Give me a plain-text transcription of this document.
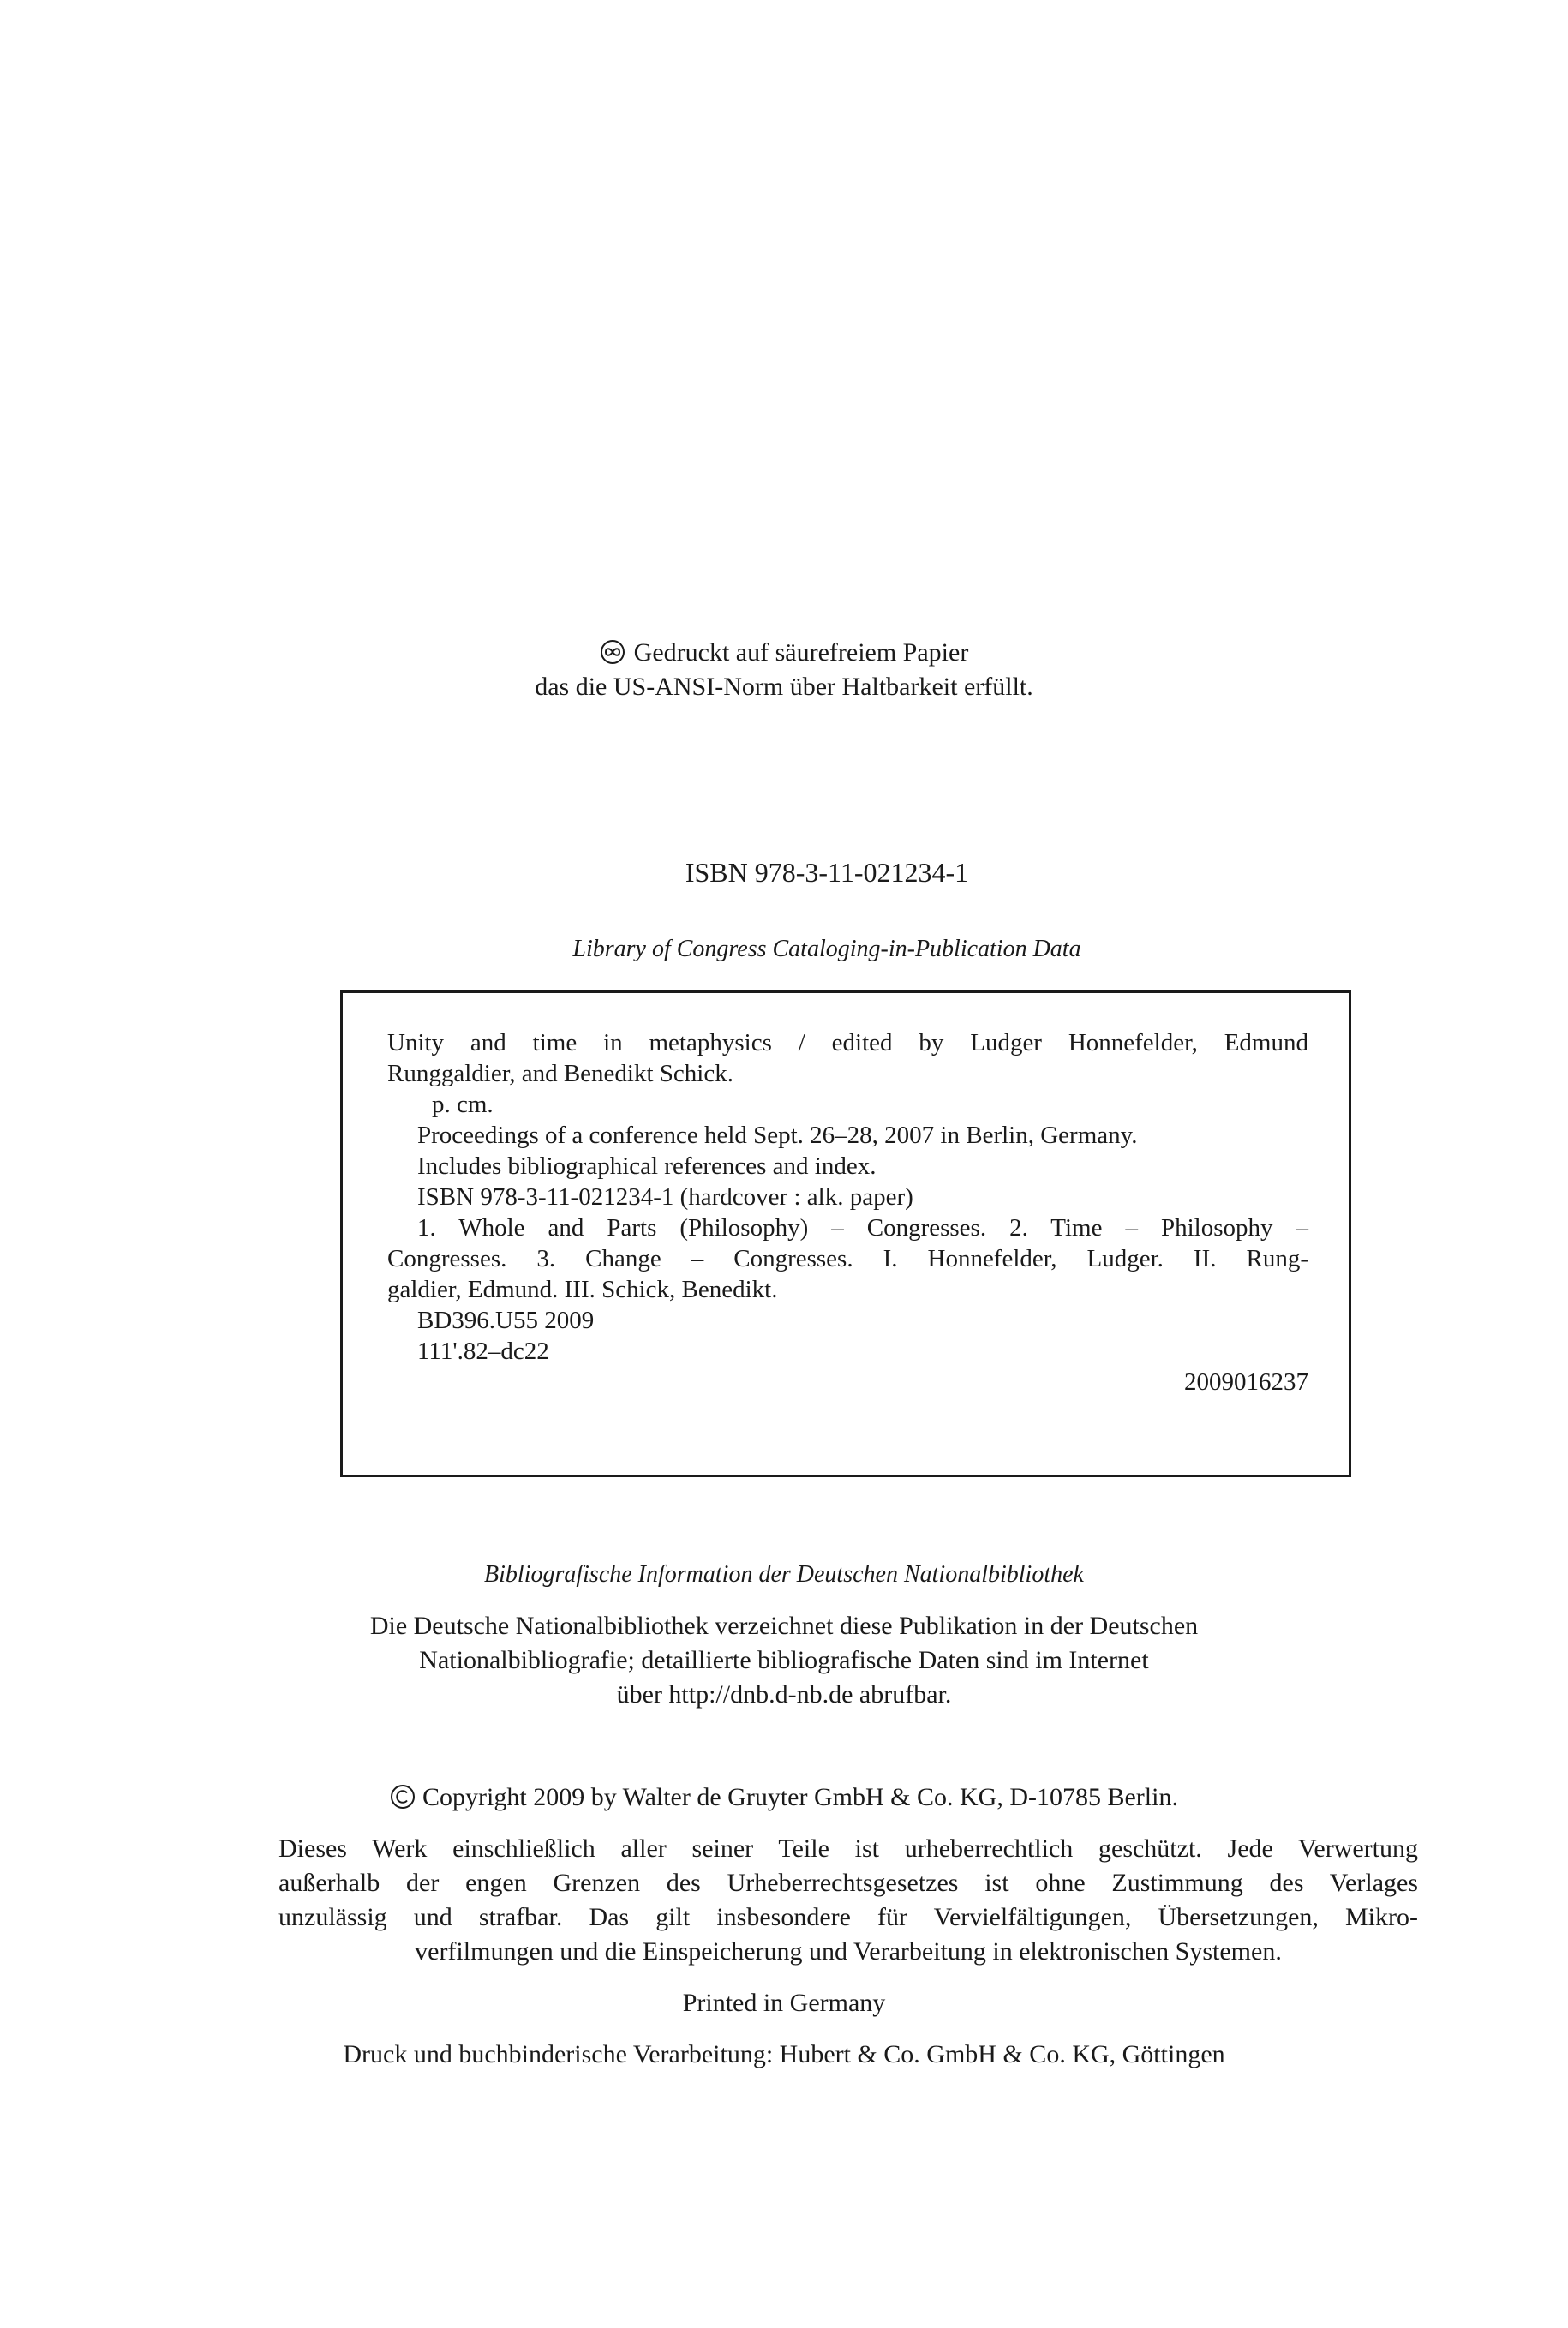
Gedruckt auf säurefreiem Papier
das die US-ANSI-Norm über Haltbarkeit erfüllt.
ISBN 978-3-11-021234-1
Library of Congress Cataloging-in-Publication Data
Unity and time in metaphysics / edited by Ludger Honnefelder, Edmund
Runggaldier, and Benedikt Schick.
p. cm.
Proceedings of a conference held Sept. 26–28, 2007 in Berlin, Germany.
Includes bibliographical references and index.
ISBN 978-3-11-021234-1 (hardcover : alk. paper)
1. Whole and Parts (Philosophy) – Congresses. 2. Time – Philosophy –
Congresses. 3. Change – Congresses. I. Honnefelder, Ludger. II. Rung-
galdier, Edmund. III. Schick, Benedikt.
BD396.U55 2009
111'.82–dc22
2009016237
Bibliografische Information der Deutschen Nationalbibliothek
Die Deutsche Nationalbibliothek verzeichnet diese Publikation in der Deutschen
Nationalbibliografie; detaillierte bibliografische Daten sind im Internet
über http://dnb.d-nb.de abrufbar.
Copyright 2009 by Walter de Gruyter GmbH & Co. KG, D-10785 Berlin.
Dieses Werk einschließlich aller seiner Teile ist urheberrechtlich geschützt. Jede Verwertung
außerhalb der engen Grenzen des Urheberrechtsgesetzes ist ohne Zustimmung des Verlages
unzulässig und strafbar. Das gilt insbesondere für Vervielfältigungen, Übersetzungen, Mikro-
verfilmungen und die Einspeicherung und Verarbeitung in elektronischen Systemen.
Printed in Germany
Druck und buchbinderische Verarbeitung: Hubert & Co. GmbH & Co. KG, Göttingen
